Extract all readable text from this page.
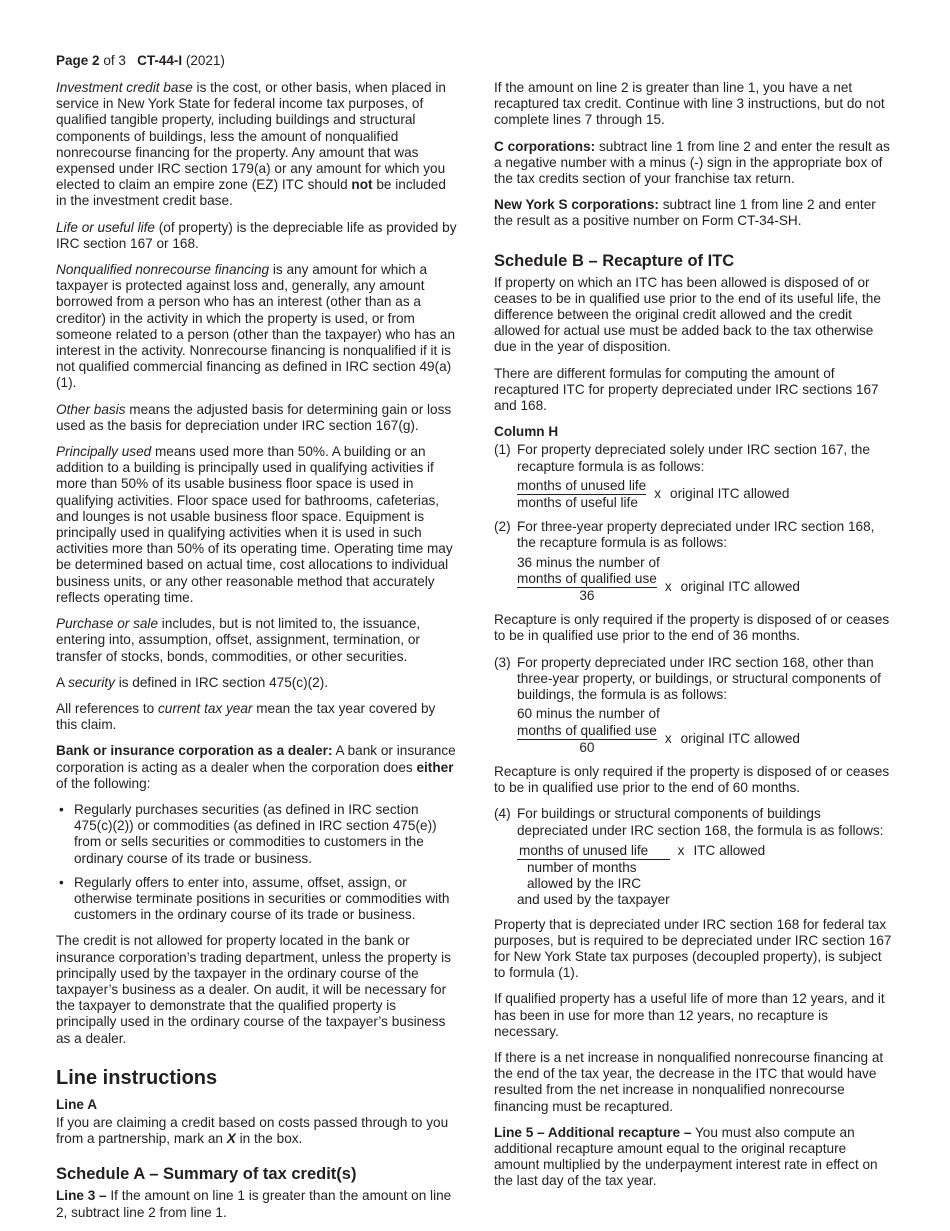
Page 2 of 3 CT-44-I (2021)

Investment credit base is the cost, or other basis, when placed in service in New York State for federal income tax purposes, of qualified tangible property, including buildings and structural components of buildings, less the amount of nonqualified nonrecourse financing for the property. Any amount that was expensed under IRC section 179(a) or any amount for which you elected to claim an empire zone (EZ) ITC should not be included in the investment credit base.

Life or useful life (of property) is the depreciable life as provided by IRC section 167 or 168.

Nonqualified nonrecourse financing is any amount for which a taxpayer is protected against loss and, generally, any amount borrowed from a person who has an interest (other than as a creditor) in the activity in which the property is used, or from someone related to a person (other than the taxpayer) who has an interest in the activity. Nonrecourse financing is nonqualified if it is not qualified commercial financing as defined in IRC section 49(a)(1).

Other basis means the adjusted basis for determining gain or loss used as the basis for depreciation under IRC section 167(g).

Principally used means used more than 50%. A building or an addition to a building is principally used in qualifying activities if more than 50% of its usable business floor space is used in qualifying activities. Floor space used for bathrooms, cafeterias, and lounges is not usable business floor space. Equipment is principally used in qualifying activities when it is used in such activities more than 50% of its operating time. Operating time may be determined based on actual time, cost allocations to individual business units, or any other reasonable method that accurately reflects operating time.

Purchase or sale includes, but is not limited to, the issuance, entering into, assumption, offset, assignment, termination, or transfer of stocks, bonds, commodities, or other securities.

A security is defined in IRC section 475(c)(2).

All references to current tax year mean the tax year covered by this claim.

Bank or insurance corporation as a dealer: A bank or insurance corporation is acting as a dealer when the corporation does either of the following:

• Regularly purchases securities (as defined in IRC section 475(c)(2)) or commodities (as defined in IRC section 475(e)) from or sells securities or commodities to customers in the ordinary course of its trade or business.
• Regularly offers to enter into, assume, offset, assign, or otherwise terminate positions in securities or commodities with customers in the ordinary course of its trade or business.

The credit is not allowed for property located in the bank or insurance corporation’s trading department, unless the property is principally used by the taxpayer in the ordinary course of the taxpayer’s business as a dealer. On audit, it will be necessary for the taxpayer to demonstrate that the qualified property is principally used in the ordinary course of the taxpayer’s business as a dealer.

Line instructions
Line A

If you are claiming a credit based on costs passed through to you from a partnership, mark an X in the box.

Schedule A – Summary of tax credit(s)

Line 3 – If the amount on line 1 is greater than the amount on line 2, subtract line 2 from line 1.

If the amount on line 2 is greater than line 1, you have a net recaptured tax credit. Continue with line 3 instructions, but do not complete lines 7 through 15.

C corporations: subtract line 1 from line 2 and enter the result as a negative number with a minus (-) sign in the appropriate box of the tax credits section of your franchise tax return.

New York S corporations: subtract line 1 from line 2 and enter the result as a positive number on Form CT-34-SH.

Schedule B – Recapture of ITC

If property on which an ITC has been allowed is disposed of or ceases to be in qualified use prior to the end of its useful life, the difference between the original credit allowed and the credit allowed for actual use must be added back to the tax otherwise due in the year of disposition.

There are different formulas for computing the amount of recaptured ITC for property depreciated under IRC sections 167 and 168.

Column H
(1) For property depreciated solely under IRC section 167, the recapture formula is as follows:
months of unused life
months of useful life
x original ITC allowed
(2) For three-year property depreciated under IRC section 168, the recapture formula is as follows:
36 minus the number of
months of qualified use
36
x original ITC allowed

Recapture is only required if the property is disposed of or ceases to be in qualified use prior to the end of 36 months.

(3) For property depreciated under IRC section 168, other than three-year property, or buildings, or structural components of buildings, the formula is as follows:
60 minus the number of
months of qualified use
60
x original ITC allowed

Recapture is only required if the property is disposed of or ceases to be in qualified use prior to the end of 60 months.

(4) For buildings or structural components of buildings depreciated under IRC section 168, the formula is as follows:
months of unused life
number of months
allowed by the IRC
and used by the taxpayer
x ITC allowed

Property that is depreciated under IRC section 168 for federal tax purposes, but is required to be depreciated under IRC section 167 for New York State tax purposes (decoupled property), is subject to formula (1).

If qualified property has a useful life of more than 12 years, and it has been in use for more than 12 years, no recapture is necessary.

If there is a net increase in nonqualified nonrecourse financing at the end of the tax year, the decrease in the ITC that would have resulted from the net increase in nonqualified nonrecourse financing must be recaptured.

Line 5 – Additional recapture – You must also compute an additional recapture amount equal to the original recapture amount multiplied by the underpayment interest rate in effect on the last day of the tax year.
